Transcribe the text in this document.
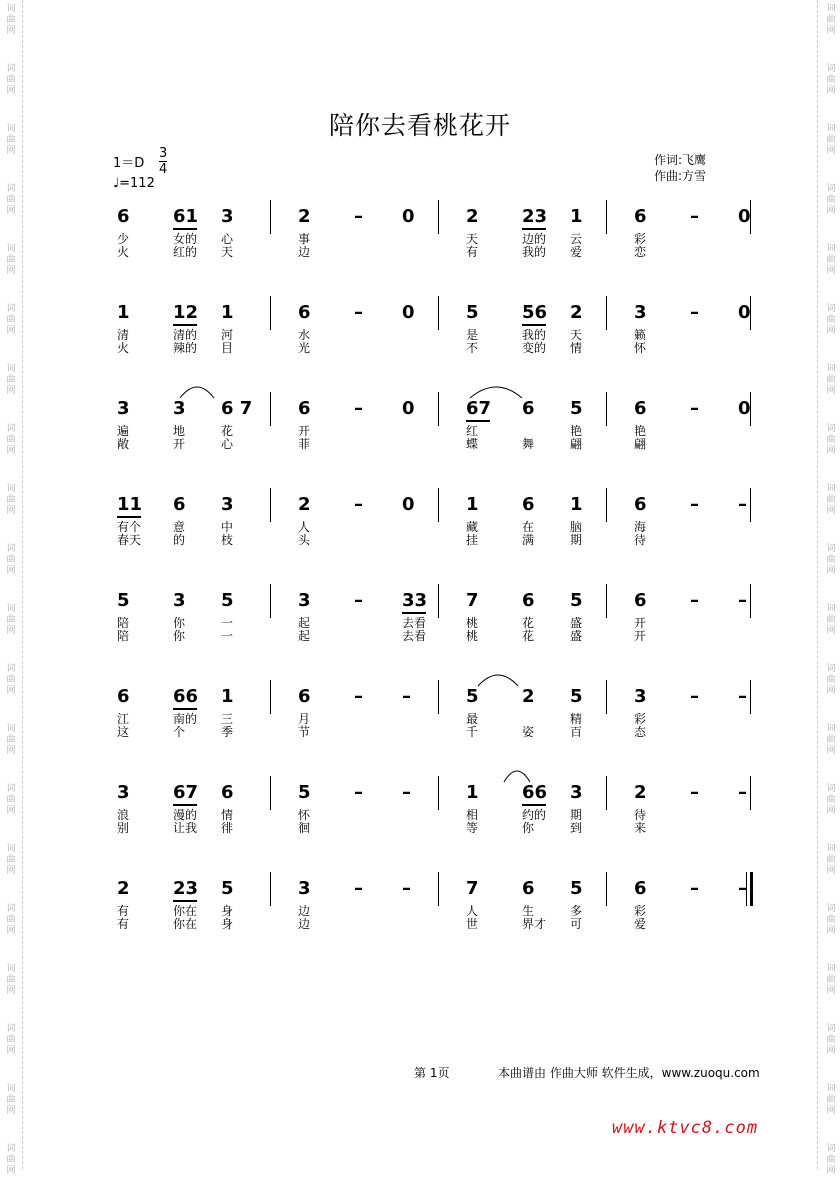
词
曲
网
词
曲
网
词
曲
网
词
曲
网
词
曲
网
词
曲
网
词
曲
网
词
曲
网
词
曲
网
词
曲
网
词
曲
网
词
曲
网
词
曲
网
词
曲
网
词
曲
网
词
曲
网
词
曲
网
词
曲
网
词
曲
网
词
曲
网
词
曲
网
词
曲
网
词
曲
网
词
曲
网
词
曲
网
词
曲
网
词
曲
网
词
曲
网
词
曲
网
词
曲
网
词
曲
网
词
曲
网
词
曲
网
词
曲
网
词
曲
网
词
曲
网
词
曲
网
词
曲
网
词
曲
网
词
曲
网
陪你去看桃花开
1＝D
3
4
♩=112
作词:飞鹰
作曲:方雪
6 61 3
少	女的 心
火	红的 天
2 – 0
事
边
2 23 1
天	边的 云
有	我的 爱
6 – 0
彩
恋
1 12 1
清	清的 河
火	辣的 目
6 – 0
水
光
5 56 2
是	我的 天
不	变的 情
3 – 0
籁
怀
3 3 6 7
遍	地	花
敞	开	心
6 – 0
开
菲
67 6 5
红	艳
蝶	舞	翩
6 – 0
艳
翩
11 6 3
有个	意	中
春天	的	枝
2 – 0
人
头
1 6 1
藏	在	脑
挂	满	期
6 – –
海
待
5 3 5
陪	你	一
陪	你	一
3 – 33
起	去看
起	去看
7 6 5
桃	花	盛
桃	花	盛
6 – –
开
开
6 66 1
江	南的 三
这	个	季
6 – –
月
节
5 2 5
最	精
千	姿	百
3 – –
彩
态
3 67 6
浪	漫的 情
别	让我 徘
5 – –
怀
徊
1 66 3
相	约的 期
等	你	到
2 – –
待
来
2 23 5
有	你在 身
有	你在 身
3 – –
边
边
7 6 5
人	生	多
世	界才 可
6 – –
彩
爱
第 1页	本曲谱由 作曲大师 软件生成，www.zuoqu.com
www.ktvc8.com
